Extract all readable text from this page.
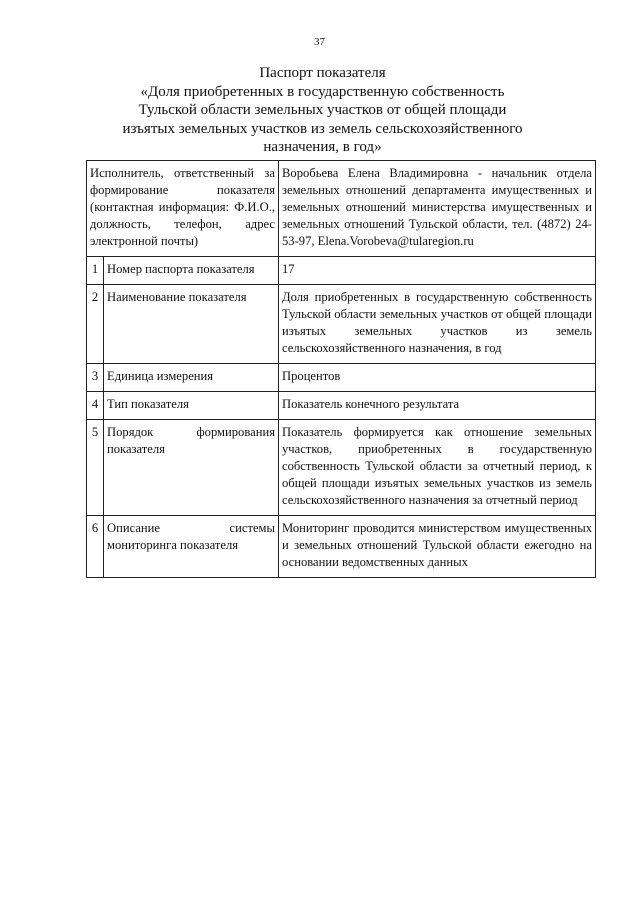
37
Паспорт показателя
«Доля приобретенных в государственную собственность
Тульской области земельных участков от общей площади
изъятых земельных участков из земель сельскохозяйственного
назначения, в год»
Исполнитель, ответственный за формирование показателя (контактная информация: Ф.И.О., должность, телефон, адрес электронной почты)		Воробьева Елена Владимировна - начальник отдела земельных отношений департамента имущественных и земельных отношений министерства имущественных и земельных отношений Тульской области, тел. (4872) 24-53-97, Elena.Vorobeva@tularegion.ru
1	Номер паспорта показателя	17
2	Наименование показателя	Доля приобретенных в государственную собственность Тульской области земельных участков от общей площади изъятых земельных участков из земель сельскохозяйственного назначения, в год
3	Единица измерения	Процентов
4	Тип показателя	Показатель конечного результата
5	Порядок формирования показателя	Показатель формируется как отношение земельных участков, приобретенных в государственную собственность Тульской области за отчетный период, к общей площади изъятых земельных участков из земель сельскохозяйственного назначения за отчетный период
6	Описание системы мониторинга показателя	Мониторинг проводится министерством имущественных и земельных отношений Тульской области ежегодно на основании ведомственных данных
